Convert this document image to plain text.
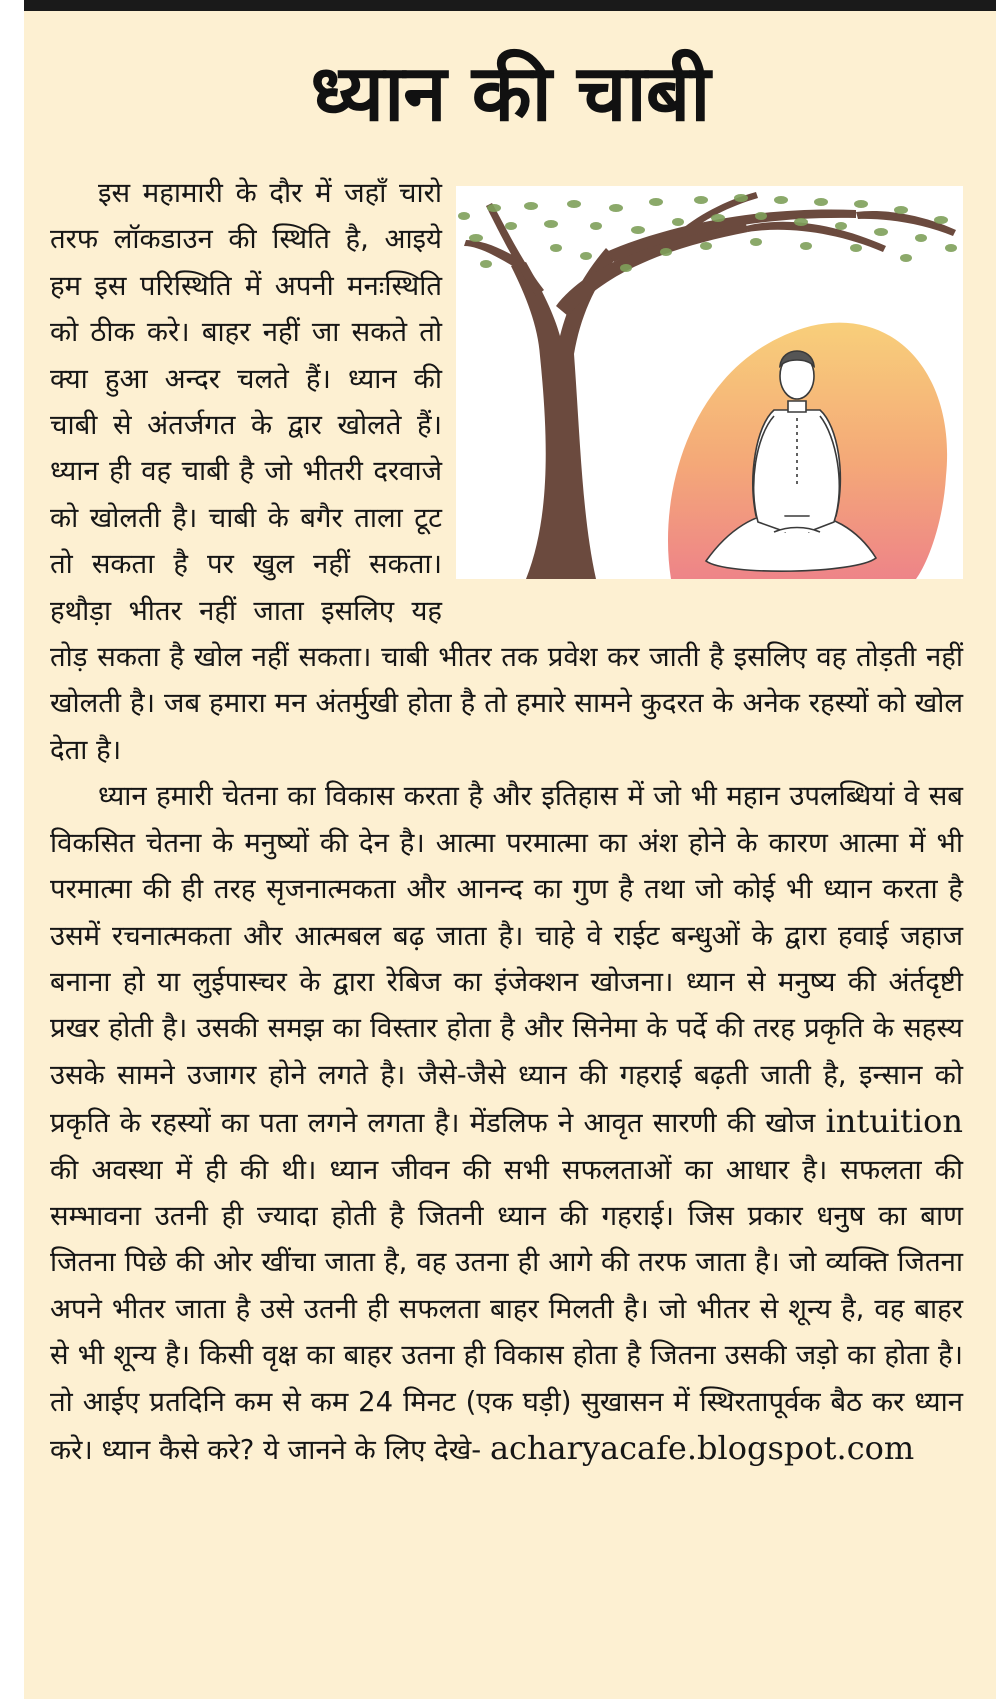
ध्यान की चाबी

इस महामारी के दौर में जहाँ चारो तरफ लॉकडाउन की स्थिति है, आइये हम इस परिस्थिति में अपनी मनःस्थिति को ठीक करे। बाहर नहीं जा सकते तो क्या हुआ अन्दर चलते हैं। ध्यान की चाबी से अंतर्जगत के द्वार खोलते हैं। ध्यान ही वह चाबी है जो भीतरी दरवाजे को खोलती है। चाबी के बगैर ताला टूट तो सकता है पर खुल नहीं सकता। हथौड़ा भीतर नहीं जाता इसलिए यह तोड़ सकता है खोल नहीं सकता। चाबी भीतर तक प्रवेश कर जाती है इसलिए वह तोड़ती नहीं खोलती है। जब हमारा मन अंतर्मुखी होता है तो हमारे सामने कुदरत के अनेक रहस्यों को खोल देता है।

ध्यान हमारी चेतना का विकास करता है और इतिहास में जो भी महान उपलब्धियां वे सब विकसित चेतना के मनुष्यों की देन है। आत्मा परमात्मा का अंश होने के कारण आत्मा में भी परमात्मा की ही तरह सृजनात्मकता और आनन्द का गुण है तथा जो कोई भी ध्यान करता है उसमें रचनात्मकता और आत्मबल बढ़ जाता है। चाहे वे राईट बन्धुओं के द्वारा हवाई जहाज बनाना हो या लुईपास्चर के द्वारा रेबिज का इंजेक्शन खोजना। ध्यान से मनुष्य की अंर्तदृष्टी प्रखर होती है। उसकी समझ का विस्तार होता है और सिनेमा के पर्दे की तरह प्रकृति के सहस्य उसके सामने उजागर होने लगते है। जैसे-जैसे ध्यान की गहराई बढ़ती जाती है, इन्सान को प्रकृति के रहस्यों का पता लगने लगता है। मेंडलिफ ने आवृत सारणी की खोज intuition की अवस्था में ही की थी। ध्यान जीवन की सभी सफलताओं का आधार है। सफलता की सम्भावना उतनी ही ज्यादा होती है जितनी ध्यान की गहराई। जिस प्रकार धनुष का बाण जितना पिछे की ओर खींचा जाता है, वह उतना ही आगे की तरफ जाता है। जो व्यक्ति जितना अपने भीतर जाता है उसे उतनी ही सफलता बाहर मिलती है। जो भीतर से शून्य है, वह बाहर से भी शून्य है। किसी वृक्ष का बाहर उतना ही विकास होता है जितना उसकी जड़ो का होता है। तो आईए प्रतदिनि कम से कम 24 मिनट (एक घड़ी) सुखासन में स्थिरतापूर्वक बैठ कर ध्यान करे। ध्यान कैसे करे? ये जानने के लिए देखे- acharyacafe.blogspot.com
